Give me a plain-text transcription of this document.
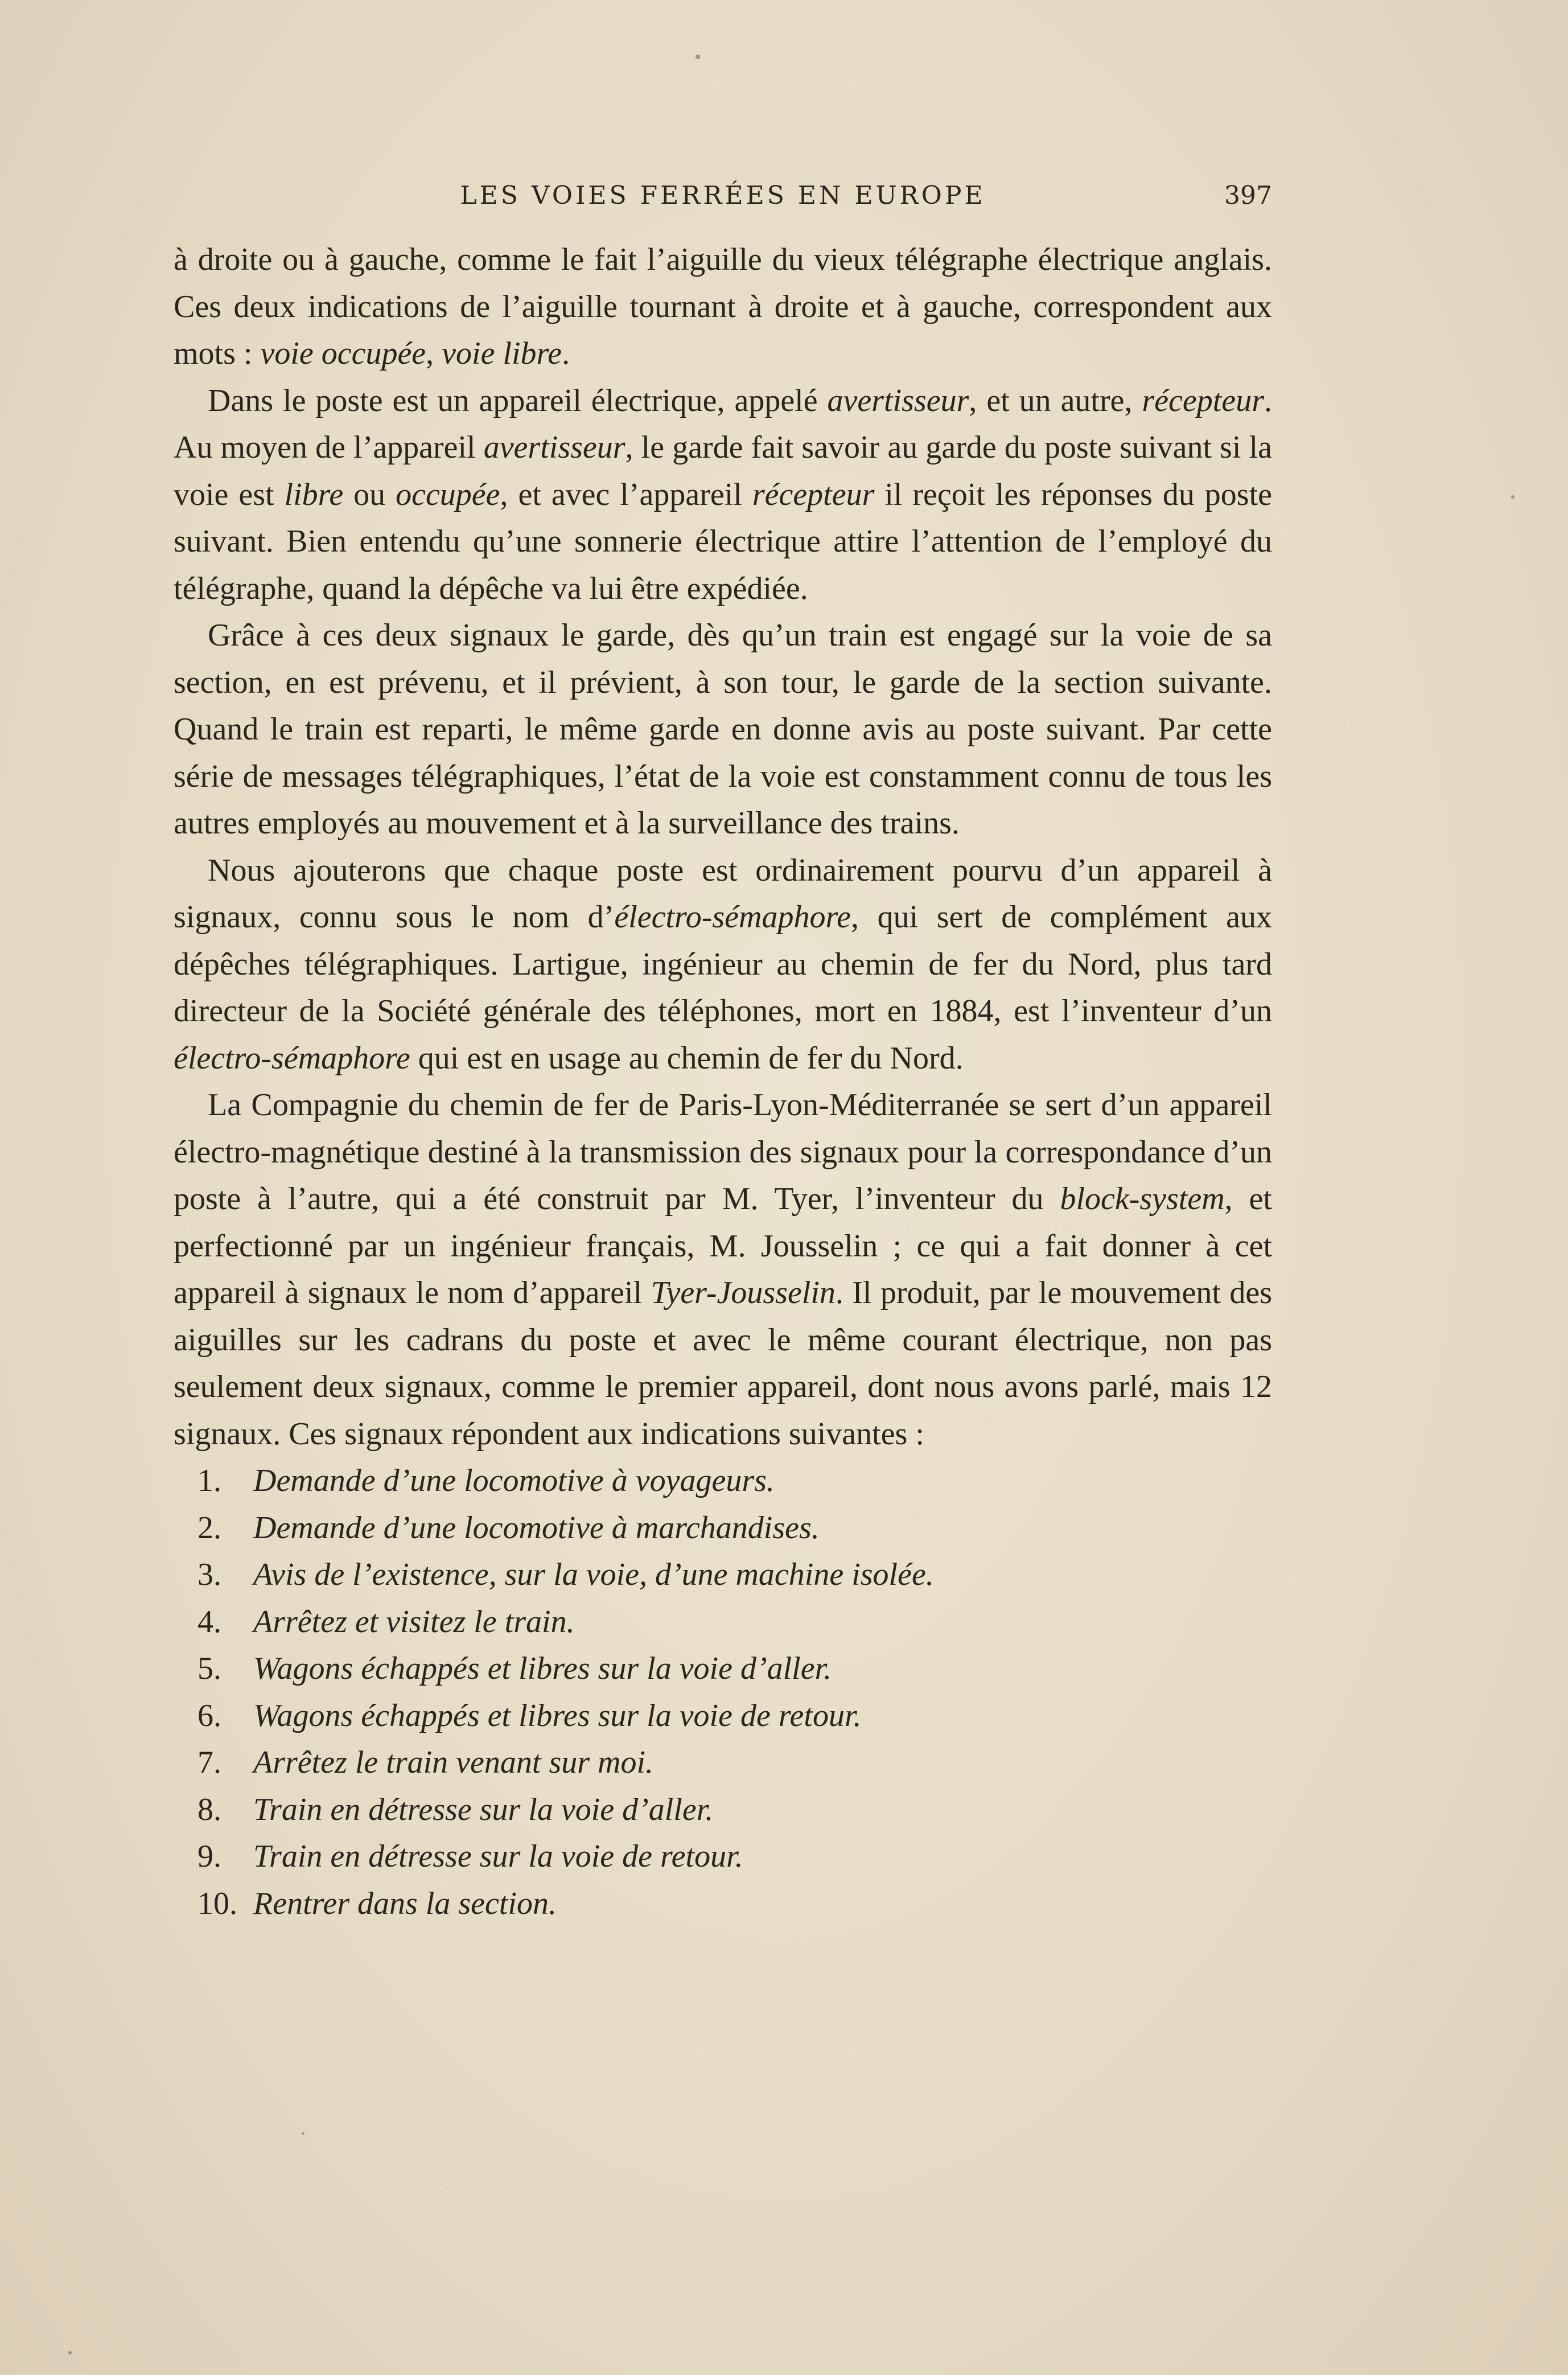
LES VOIES FERRÉES EN EUROPE	397

à droite ou à gauche, comme le fait l’aiguille du vieux télégraphe électrique anglais. Ces deux indications de l’aiguille tournant à droite et à gauche, correspondent aux mots : voie occupée, voie libre.

Dans le poste est un appareil électrique, appelé avertisseur, et un autre, récepteur. Au moyen de l’appareil avertisseur, le garde fait savoir au garde du poste suivant si la voie est libre ou occupée, et avec l’appareil récepteur il reçoit les réponses du poste suivant. Bien entendu qu’une sonnerie électrique attire l’attention de l’employé du télégraphe, quand la dépêche va lui être expédiée.

Grâce à ces deux signaux le garde, dès qu’un train est engagé sur la voie de sa section, en est prévenu, et il prévient, à son tour, le garde de la section suivante. Quand le train est reparti, le même garde en donne avis au poste suivant. Par cette série de messages télégraphiques, l’état de la voie est constamment connu de tous les autres employés au mouvement et à la surveillance des trains.

Nous ajouterons que chaque poste est ordinairement pourvu d’un appareil à signaux, connu sous le nom d’électro-sémaphore, qui sert de complément aux dépêches télégraphiques. Lartigue, ingénieur au chemin de fer du Nord, plus tard directeur de la Société générale des téléphones, mort en 1884, est l’inventeur d’un électro-sémaphore qui est en usage au chemin de fer du Nord.

La Compagnie du chemin de fer de Paris-Lyon-Méditerranée se sert d’un appareil électro-magnétique destiné à la transmission des signaux pour la correspondance d’un poste à l’autre, qui a été construit par M. Tyer, l’inventeur du block-system, et perfectionné par un ingénieur français, M. Jousselin ; ce qui a fait donner à cet appareil à signaux le nom d’appareil Tyer-Jousselin. Il produit, par le mouvement des aiguilles sur les cadrans du poste et avec le même courant électrique, non pas seulement deux signaux, comme le premier appareil, dont nous avons parlé, mais 12 signaux. Ces signaux répondent aux indications suivantes :

1.	Demande d’une locomotive à voyageurs.
2.	Demande d’une locomotive à marchandises.
3.	Avis de l’existence, sur la voie, d’une machine isolée.
4.	Arrêtez et visitez le train.
5.	Wagons échappés et libres sur la voie d’aller.
6.	Wagons échappés et libres sur la voie de retour.
7.	Arrêtez le train venant sur moi.
8.	Train en détresse sur la voie d’aller.
9.	Train en détresse sur la voie de retour.
10. Rentrer dans la section.
